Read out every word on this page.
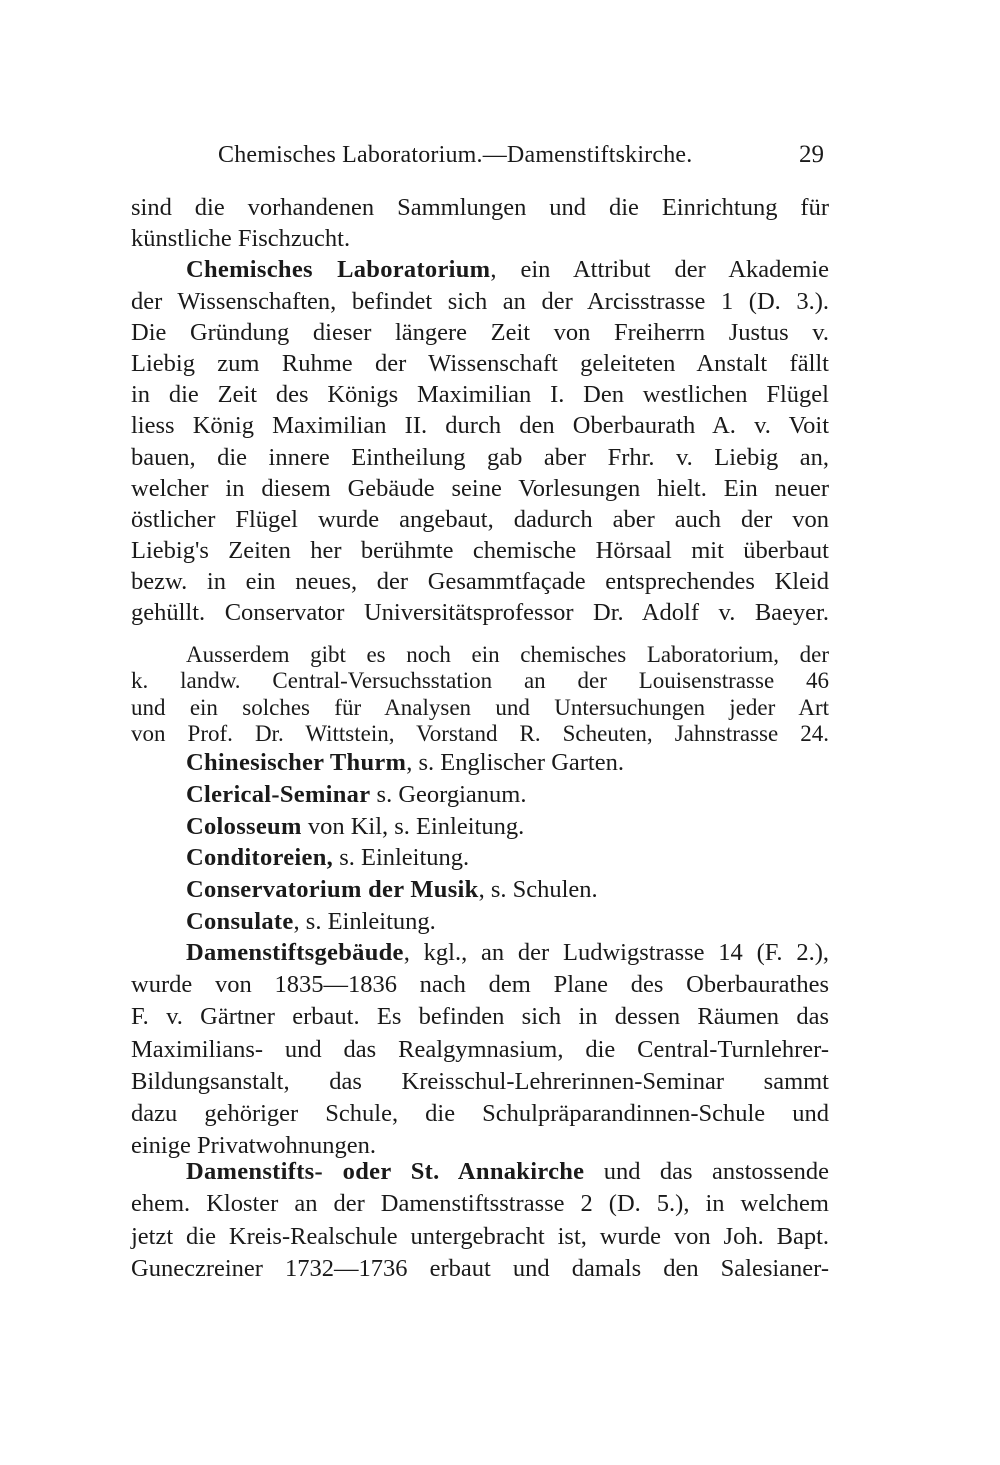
Chemisches Laboratorium.—Damenstiftskirche.	29
sind die vorhandenen Sammlungen und die Einrichtung für
künstliche Fischzucht.
Chemisches Laboratorium, ein Attribut der Akademie
der Wissenschaften, befindet sich an der Arcisstrasse 1 (D. 3.).
Die Gründung dieser längere Zeit von Freiherrn Justus v.
Liebig zum Ruhme der Wissenschaft geleiteten Anstalt fällt
in die Zeit des Königs Maximilian I. Den westlichen Flügel
liess König Maximilian II. durch den Oberbaurath A. v. Voit
bauen, die innere Eintheilung gab aber Frhr. v. Liebig an,
welcher in diesem Gebäude seine Vorlesungen hielt. Ein neuer
östlicher Flügel wurde angebaut, dadurch aber auch der von
Liebig's Zeiten her berühmte chemische Hörsaal mit überbaut
bezw. in ein neues, der Gesammtfaçade entsprechendes Kleid
gehüllt. Conservator Universitätsprofessor Dr. Adolf v. Baeyer.
Ausserdem gibt es noch ein chemisches Laboratorium, der
k. landw. Central-Versuchsstation an der Louisenstrasse 46
und ein solches für Analysen und Untersuchungen jeder Art
von Prof. Dr. Wittstein, Vorstand R. Scheuten, Jahnstrasse 24.
Chinesischer Thurm, s. Englischer Garten.
Clerical-Seminar s. Georgianum.
Colosseum von Kil, s. Einleitung.
Conditoreien, s. Einleitung.
Conservatorium der Musik, s. Schulen.
Consulate, s. Einleitung.
Damenstiftsgebäude, kgl., an der Ludwigstrasse 14 (F. 2.),
wurde von 1835—1836 nach dem Plane des Oberbaurathes
F. v. Gärtner erbaut. Es befinden sich in dessen Räumen das
Maximilians- und das Realgymnasium, die Central-Turnlehrer-
Bildungsanstalt, das Kreisschul-Lehrerinnen-Seminar sammt
dazu gehöriger Schule, die Schulpräparandinnen-Schule und
einige Privatwohnungen.
Damenstifts- oder St. Annakirche und das anstossende
ehem. Kloster an der Damenstiftsstrasse 2 (D. 5.), in welchem
jetzt die Kreis-Realschule untergebracht ist, wurde von Joh. Bapt.
Guneczreiner 1732—1736 erbaut und damals den Salesianer-
